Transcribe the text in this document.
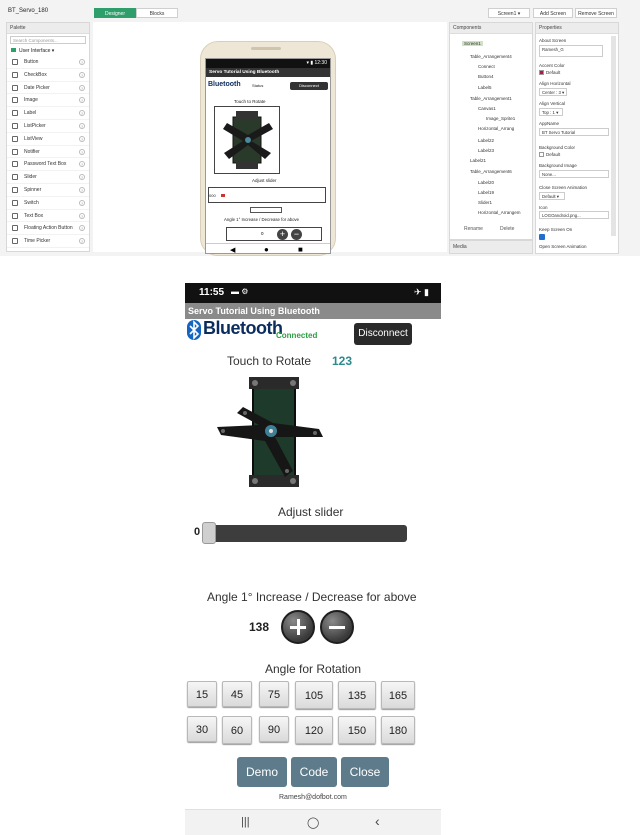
BT_Servo_180	Designer	Blocks	Screen1 ▾	Add Screen	Remove Screen
Palette
Search Components...
User Interface ▾
Button	?
CheckBox	?
Date Picker	?
Image	?
Label	?
ListPicker	?
ListView	?
Notifier	?
Password Text Box	?
Slider	?
Spinner	?
Switch	?
Text Box	?
Floating Action Button	?
Time Picker	?
▾ ▮ 12:30
Servo Tutorial Using Bluetooth
Bluetooth	Status	Disconnect
Touch to Rotate
Adjust slider
000
Angle 1° Increase / Decrease for above
0	+ −
◀	●	■
Components
Screen1
Table_Arrangement4
Connect
Button4
Label5
Table_Arrangement1
Canvas1
Image_Sprite1
Horizontal_Arrang
Label22
Label23
Label21
Table_Arrangement6
Label20
Label19
Slider1
Horizontal_Arrangem
Rename	Delete
Media
Properties
About Screen
Ramesh_G
Accent Color
Default
Align Horizontal
Center : 3 ▾
Align Vertical
Top : 1 ▾
AppName
BT Servo Tutorial
Background Color
Default
Background Image
None...
Close Screen Animation
Default ▾
Icon
LOGOandroid.png...
Keep Screen On
Open Screen Animation
11:55 ▬ ⚙	✈ ▮
Servo Tutorial Using Bluetooth
Bluetooth
Connected	Disconnect
Touch to Rotate 123
Adjust slider
0
Angle 1° Increase / Decrease for above
138
Angle for Rotation
15	45	75	105	135	165
30	60	90	120	150	180
Demo	Code	Close
Ramesh@dofbot.com
|||	◯	‹
